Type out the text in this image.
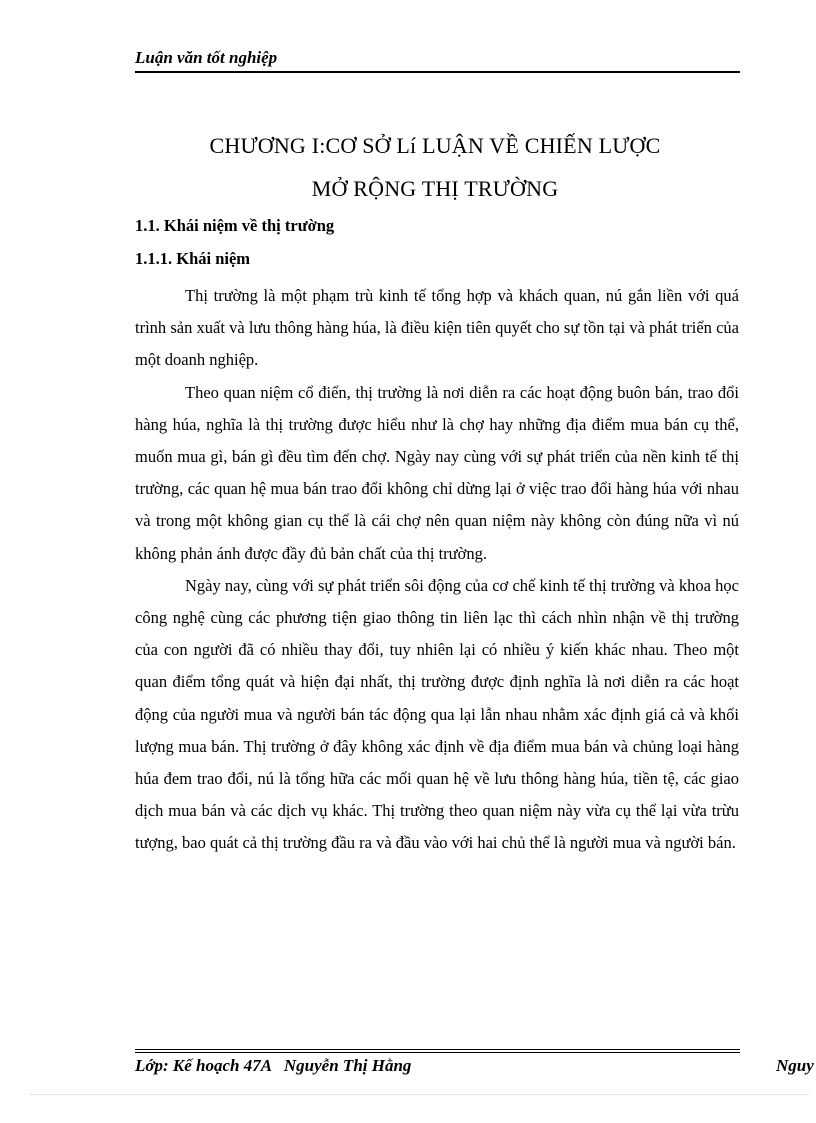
Luận văn tốt nghiệp
CHƯƠNG I:CƠ SỞ Lí LUẬN VỀ CHIẾN LƯỢC
MỞ RỘNG THỊ TRƯỜNG
1.1. Khái niệm về thị trường
1.1.1. Khái niệm

Thị trường là một phạm trù kinh tế tổng hợp và khách quan, nú gắn liền với quá trình sản xuất và lưu thông hàng húa, là điều kiện tiên quyết cho sự tồn tại và phát triển của một doanh nghiệp.

Theo quan niệm cổ điển, thị trường là nơi diễn ra các hoạt động buôn bán, trao đổi hàng húa, nghĩa là thị trường được hiểu như là chợ hay những địa điểm mua bán cụ thể, muốn mua gì, bán gì đều tìm đến chợ. Ngày nay cùng với sự phát triển của nền kinh tế thị trường, các quan hệ mua bán trao đổi không chỉ dừng lại ở việc trao đổi hàng húa với nhau và trong một không gian cụ thể là cái chợ nên quan niệm này không còn đúng nữa vì nú không phản ánh được đầy đủ bản chất của thị trường.

Ngày nay, cùng với sự phát triển sôi động của cơ chế kinh tế thị trường và khoa học công nghệ cùng các phương tiện giao thông tin liên lạc thì cách nhìn nhận về thị trường của con người đã có nhiều thay đổi, tuy nhiên lại có nhiều ý kiến khác nhau. Theo một quan điểm tổng quát và hiện đại nhất, thị trường được định nghĩa là nơi diễn ra các hoạt động của người mua và người bán tác động qua lại lẫn nhau nhằm xác định giá cả và khối lượng mua bán. Thị trường ở đây không xác định về địa điểm mua bán và chủng loại hàng húa đem trao đổi, nú là tổng hữa các mối quan hệ về lưu thông hàng húa, tiền tệ, các giao dịch mua bán và các dịch vụ khác. Thị trường theo quan niệm này vừa cụ thể lại vừa trừu tượng, bao quát cả thị trường đầu ra và đầu vào với hai chủ thể là người mua và người bán.

Lớp: Kế hoạch 47A   Nguyễn Thị Hằng	Nguy
